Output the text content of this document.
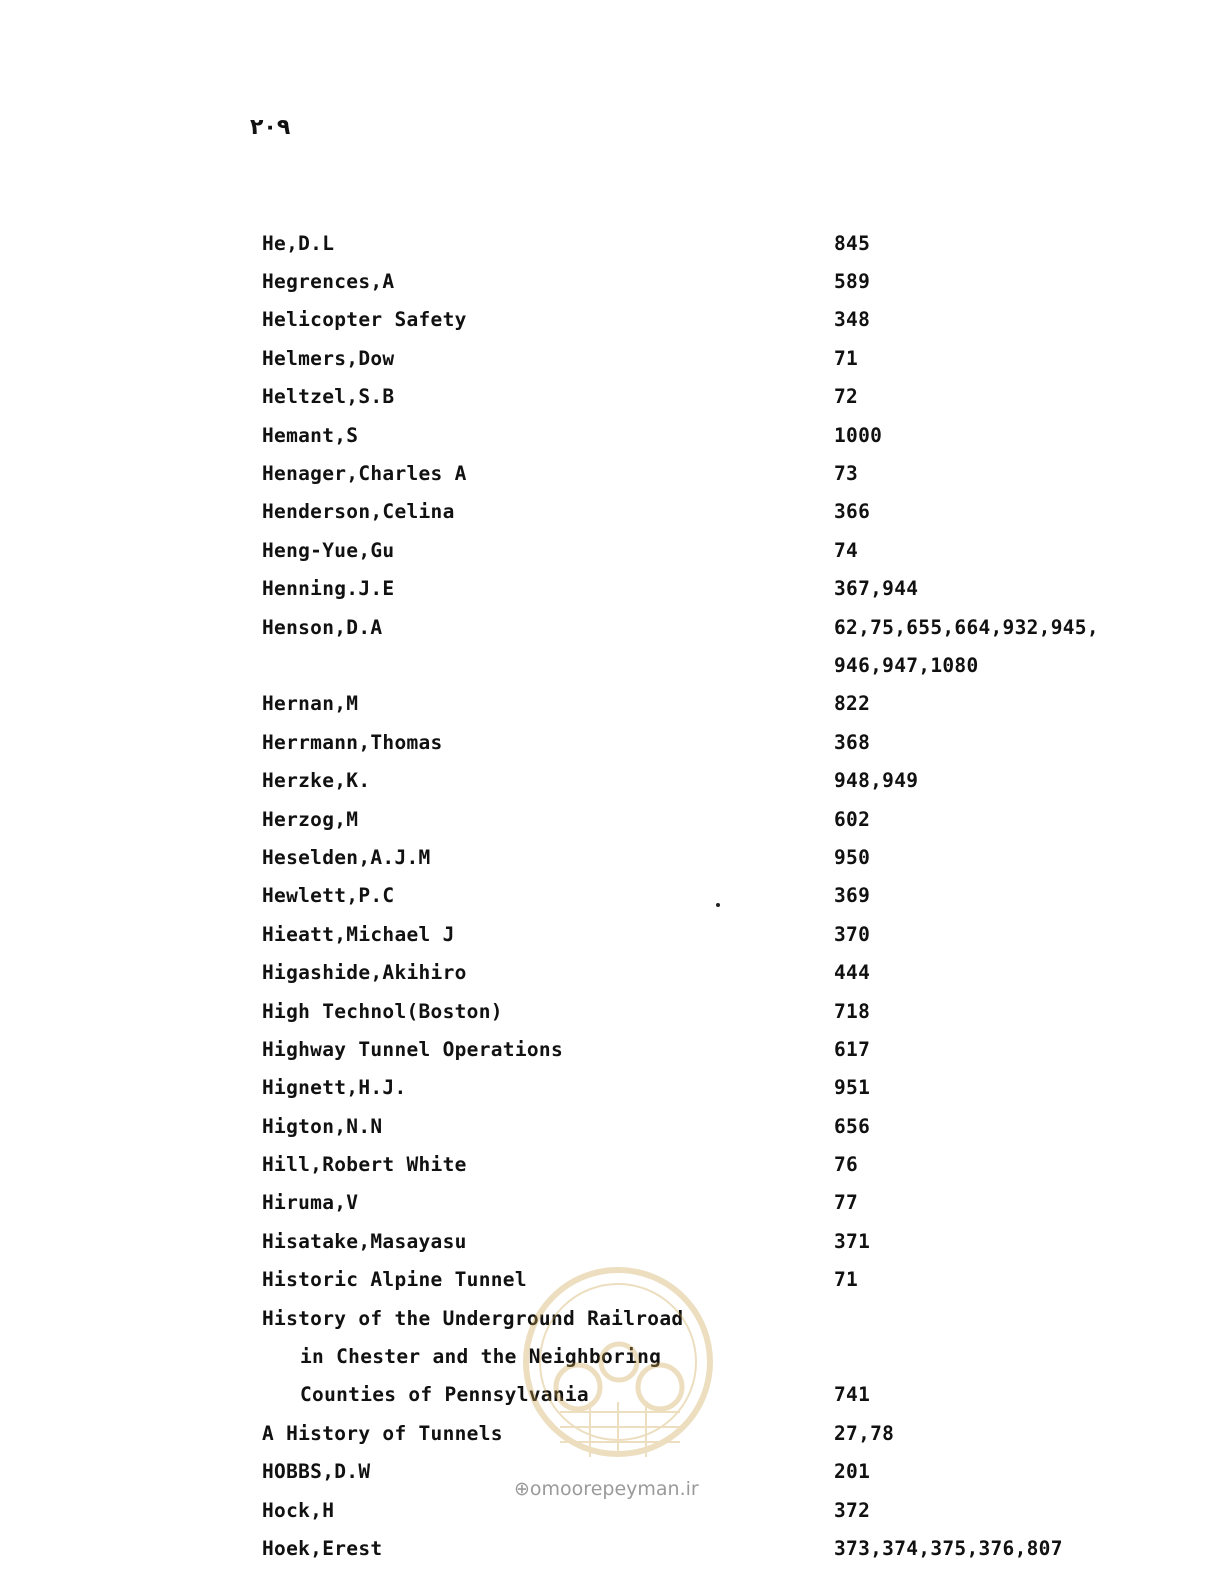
۲۰۹
He,D.L	845
Hegrences,A	589
Helicopter Safety	348
Helmers,Dow	71
Heltzel,S.B	72
Hemant,S	1000
Henager,Charles A	73
Henderson,Celina	366
Heng-Yue,Gu	74
Henning.J.E	367,944
Henson,D.A	62,75,655,664,932,945,
946,947,1080
Hernan,M	822
Herrmann,Thomas	368
Herzke,K.	948,949
Herzog,M	602
Heselden,A.J.M	950
Hewlett,P.C	369
Hieatt,Michael J	370
Higashide,Akihiro	444
High Technol(Boston)	718
Highway Tunnel Operations	617
Hignett,H.J.	951
Higton,N.N	656
Hill,Robert White	76
Hiruma,V	77
Hisatake,Masayasu	371
Historic Alpine Tunnel	71
History of the Underground Railroad
in Chester and the Neighboring
Counties of Pennsylvania	741
A History of Tunnels	27,78
HOBBS,D.W	201
Hock,H	372
Hoek,Erest	373,374,375,376,807
⊕omoorepeyman.ir
